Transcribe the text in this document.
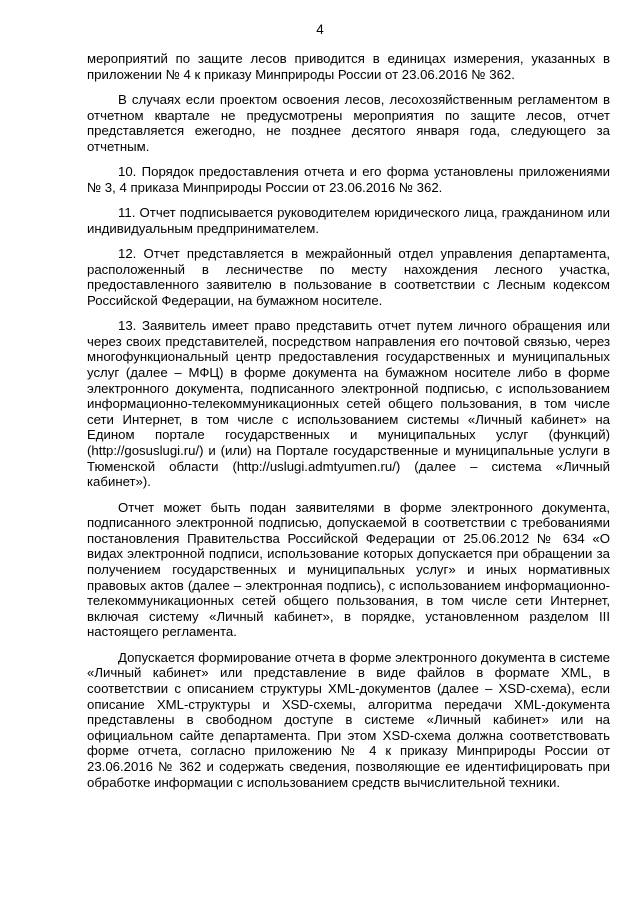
4

мероприятий по защите лесов приводится в единицах измерения, указанных в приложении № 4 к приказу Минприроды России от 23.06.2016 № 362.

В случаях если проектом освоения лесов, лесохозяйственным регламентом в отчетном квартале не предусмотрены мероприятия по защите лесов, отчет представляется ежегодно, не позднее десятого января года, следующего за отчетным.

10. Порядок предоставления отчета и его форма установлены приложениями № 3, 4 приказа Минприроды России от 23.06.2016 № 362.

11. Отчет подписывается руководителем юридического лица, гражданином или индивидуальным предпринимателем.

12. Отчет представляется в межрайонный отдел управления департамента, расположенный в лесничестве по месту нахождения лесного участка, предоставленного заявителю в пользование в соответствии с Лесным кодексом Российской Федерации, на бумажном носителе.

13. Заявитель имеет право представить отчет путем личного обращения или через своих представителей, посредством направления его почтовой связью, через многофункциональный центр предоставления государственных и муниципальных услуг (далее – МФЦ) в форме документа на бумажном носителе либо в форме электронного документа, подписанного электронной подписью, с использованием информационно-телекоммуникационных сетей общего пользования, в том числе сети Интернет, в том числе с использованием системы «Личный кабинет» на Едином портале государственных и муниципальных услуг (функций) (http://gosuslugi.ru/) и (или) на Портале государственные и муниципальные услуги в Тюменской области (http://uslugi.admtyumen.ru/) (далее – система «Личный кабинет»).

Отчет может быть подан заявителями в форме электронного документа, подписанного электронной подписью, допускаемой в соответствии с требованиями постановления Правительства Российской Федерации от 25.06.2012 № 634 «О видах электронной подписи, использование которых допускается при обращении за получением государственных и муниципальных услуг» и иных нормативных правовых актов (далее – электронная подпись), с использованием информационно-телекоммуникационных сетей общего пользования, в том числе сети Интернет, включая систему «Личный кабинет», в порядке, установленном разделом III настоящего регламента.

Допускается формирование отчета в форме электронного документа в системе «Личный кабинет» или представление в виде файлов в формате XML, в соответствии с описанием структуры XML-документов (далее – XSD-схема), если описание XML-структуры и XSD-схемы, алгоритма передачи XML-документа представлены в свободном доступе в системе «Личный кабинет» или на официальном сайте департамента. При этом XSD-схема должна соответствовать форме отчета, согласно приложению № 4 к приказу Минприроды России от 23.06.2016 № 362 и содержать сведения, позволяющие ее идентифицировать при обработке информации с использованием средств вычислительной техники.
